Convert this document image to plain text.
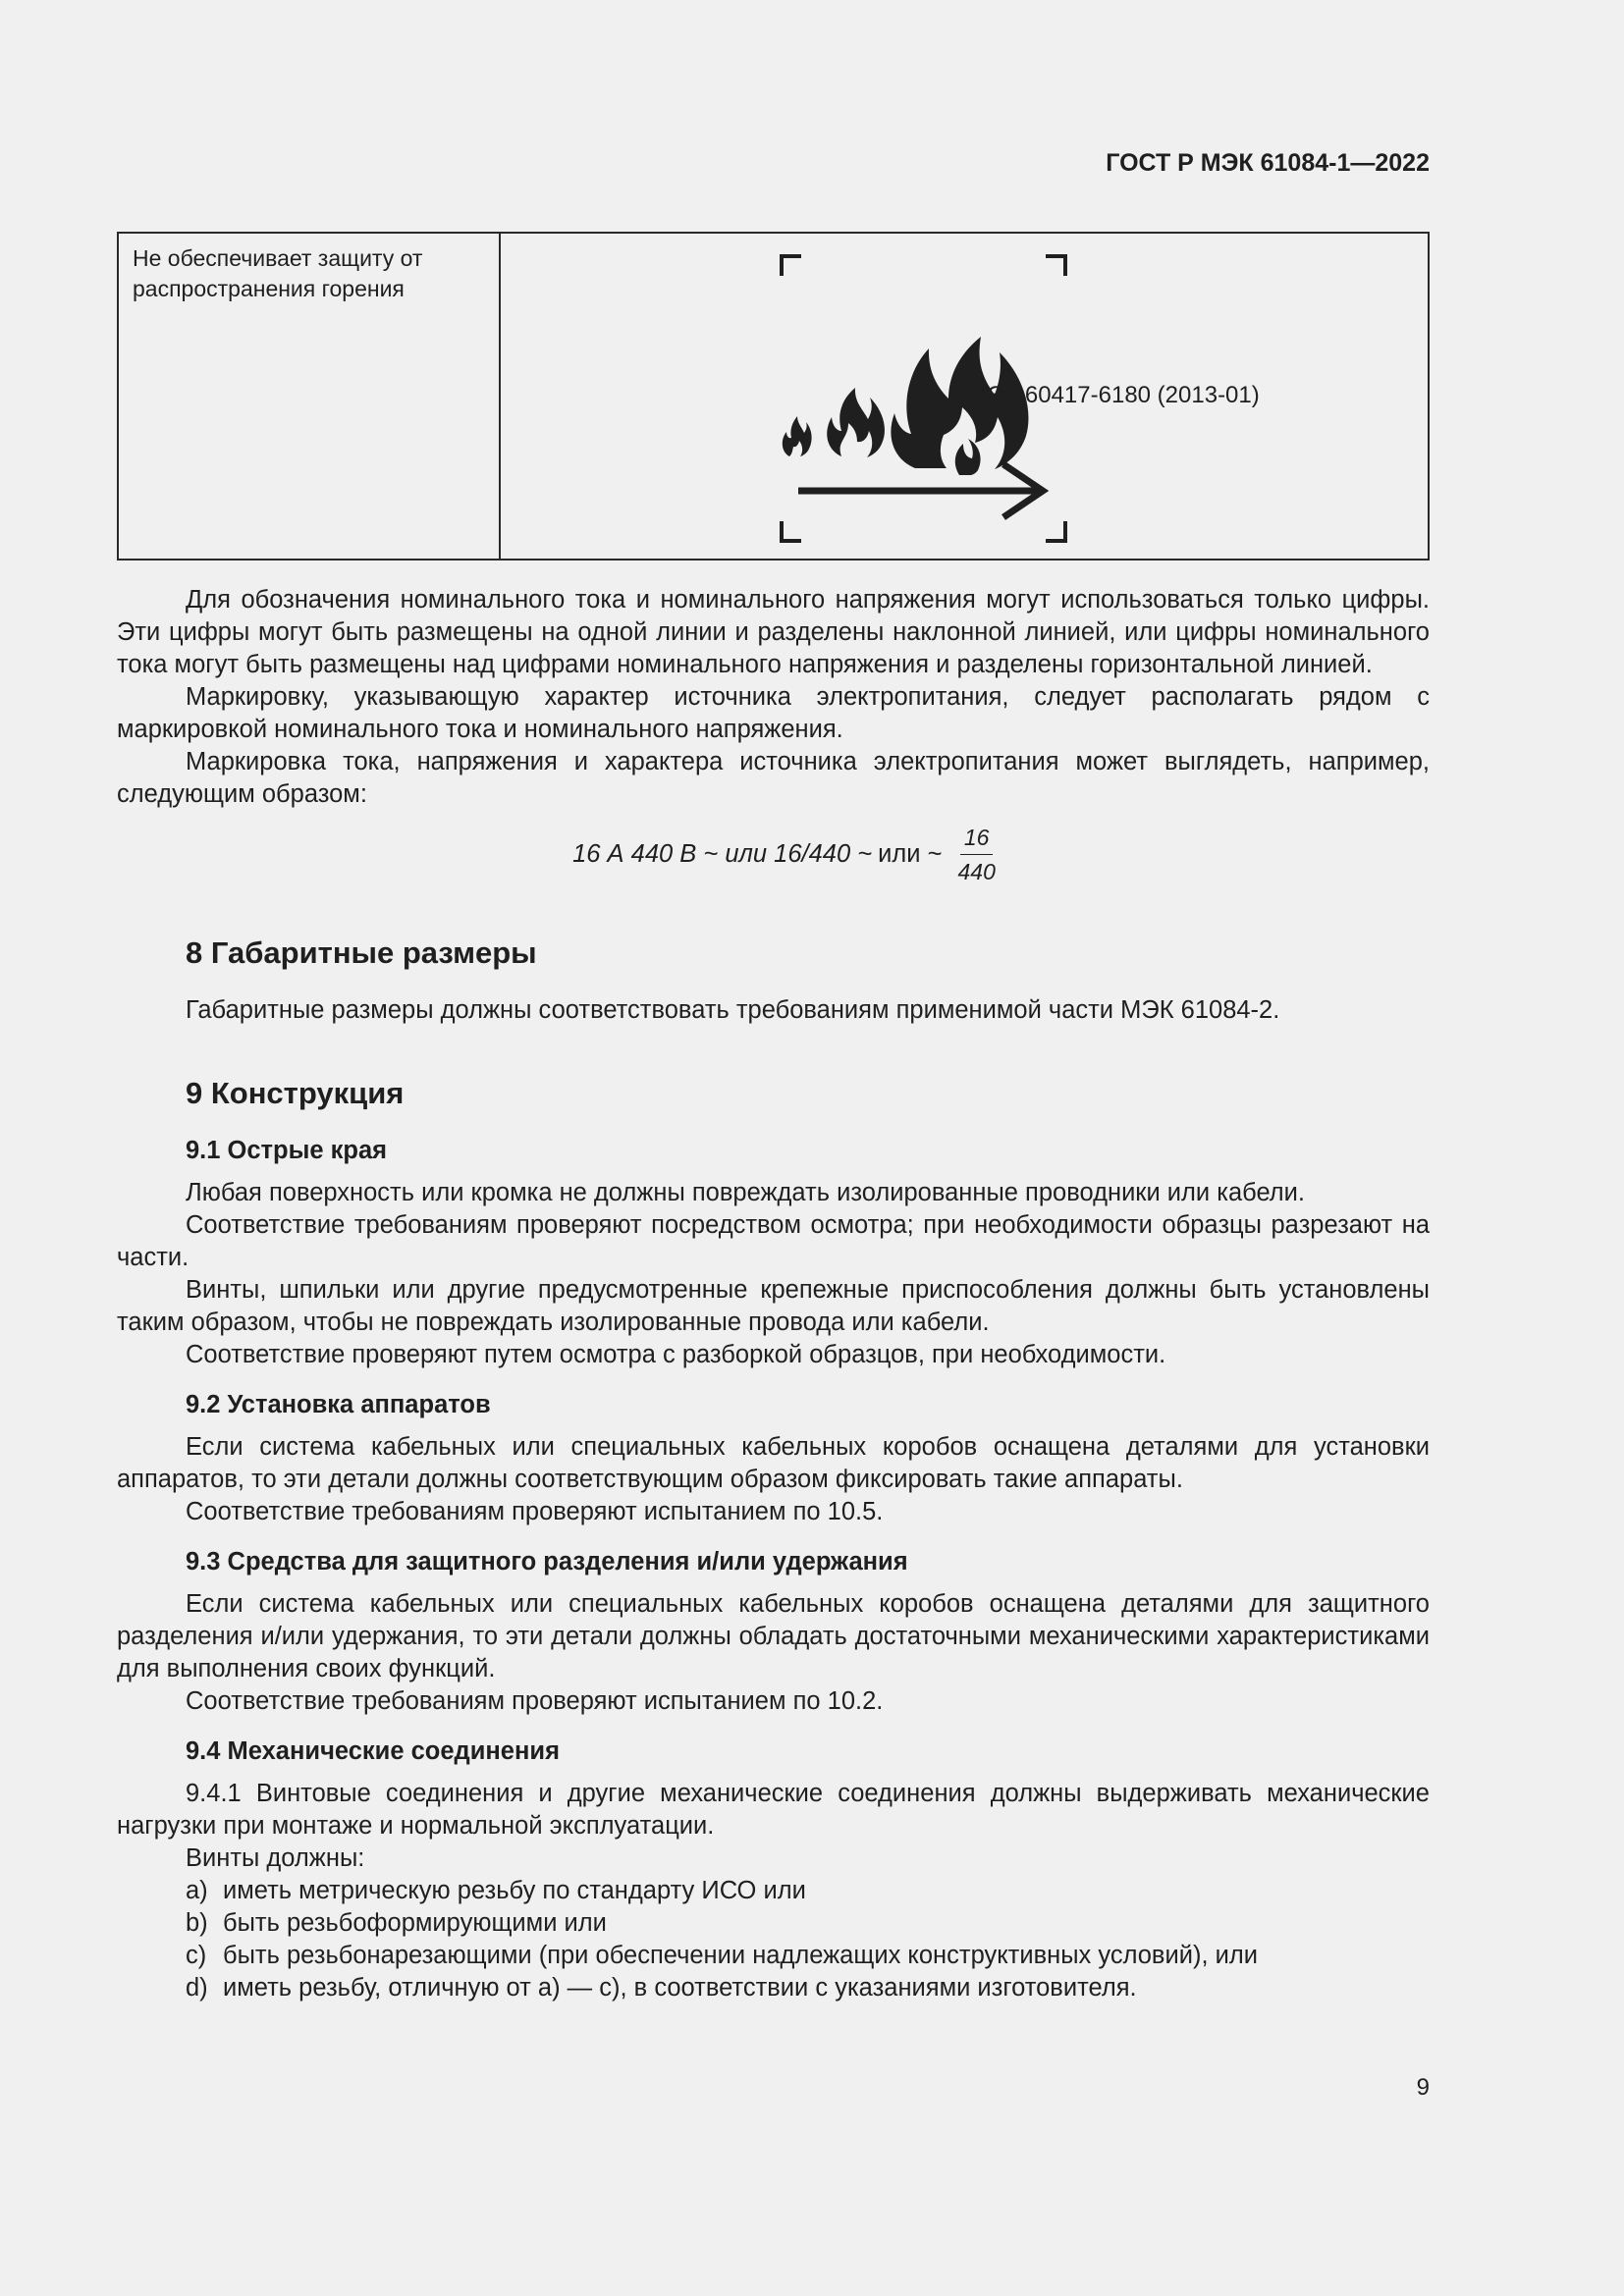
ГОСТ Р МЭК 61084-1—2022
Не обеспечивает защиту от распространения горения
МЭК 60417-6180 (2013-01)

Для обозначения номинального тока и номинального напряжения могут использоваться только цифры. Эти цифры могут быть размещены на одной линии и разделены наклонной линией, или цифры номинального тока могут быть размещены над цифрами номинального напряжения и разделены горизонтальной линией.

Маркировку, указывающую характер источника электропитания, следует располагать рядом с маркировкой номинального тока и номинального напряжения.

Маркировка тока, напряжения и характера источника электропитания может выглядеть, например, следующим образом:

16 А 440 В ~ или 16/440 ~ или ~ $\frac{16}{440}$
8 Габаритные размеры

Габаритные размеры должны соответствовать требованиям применимой части МЭК 61084-2.

9 Конструкция
9.1 Острые края

Любая поверхность или кромка не должны повреждать изолированные проводники или кабели.

Соответствие требованиям проверяют посредством осмотра; при необходимости образцы разрезают на части.

Винты, шпильки или другие предусмотренные крепежные приспособления должны быть установлены таким образом, чтобы не повреждать изолированные провода или кабели.

Соответствие проверяют путем осмотра с разборкой образцов, при необходимости.

9.2 Установка аппаратов

Если система кабельных или специальных кабельных коробов оснащена деталями для установки аппаратов, то эти детали должны соответствующим образом фиксировать такие аппараты.

Соответствие требованиям проверяют испытанием по 10.5.

9.3 Средства для защитного разделения и/или удержания

Если система кабельных или специальных кабельных коробов оснащена деталями для защитного разделения и/или удержания, то эти детали должны обладать достаточными механическими характеристиками для выполнения своих функций.

Соответствие требованиям проверяют испытанием по 10.2.

9.4 Механические соединения

9.4.1 Винтовые соединения и другие механические соединения должны выдерживать механические нагрузки при монтаже и нормальной эксплуатации.

Винты должны:

a) иметь метрическую резьбу по стандарту ИСО или
b) быть резьбоформирующими или
c) быть резьбонарезающими (при обеспечении надлежащих конструктивных условий), или
d) иметь резьбу, отличную от а) — с), в соответствии с указаниями изготовителя.
9
